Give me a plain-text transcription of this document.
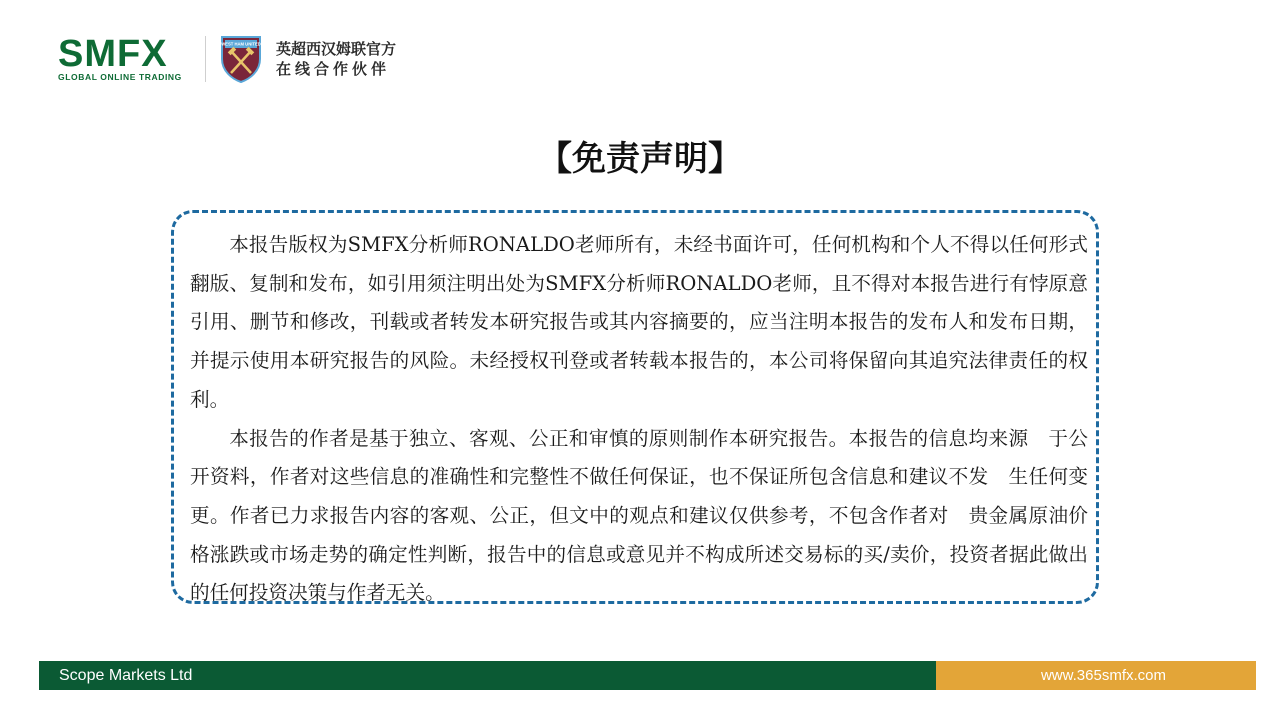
SMFX
GLOBAL ONLINE TRADING
WEST HAM UNITED 英超西汉姆联官方
在线合作伙伴
【免责声明】

本报告版权为SMFX分析师RONALDO老师所有，未经书面许可，任何机构和个人不得以任何形式翻版、复制和发布，如引用须注明出处为SMFX分析师RONALDO老师，且不得对本报告进行有悖原意引用、删节和修改，刊载或者转发本研究报告或其内容摘要的，应当注明本报告的发布人和发布日期，并提示使用本研究报告的风险。未经授权刊登或者转载本报告的，本公司将保留向其追究法律责任的权利。

本报告的作者是基于独立、客观、公正和审慎的原则制作本研究报告。本报告的信息均来源　于公开资料，作者对这些信息的准确性和完整性不做任何保证，也不保证所包含信息和建议不发　生任何变更。作者已力求报告内容的客观、公正，但文中的观点和建议仅供参考，不包含作者对　贵金属原油价格涨跌或市场走势的确定性判断，报告中的信息或意见并不构成所述交易标的买/卖价，投资者据此做出的任何投资决策与作者无关。

Scope Markets Ltd	www.365smfx.com
